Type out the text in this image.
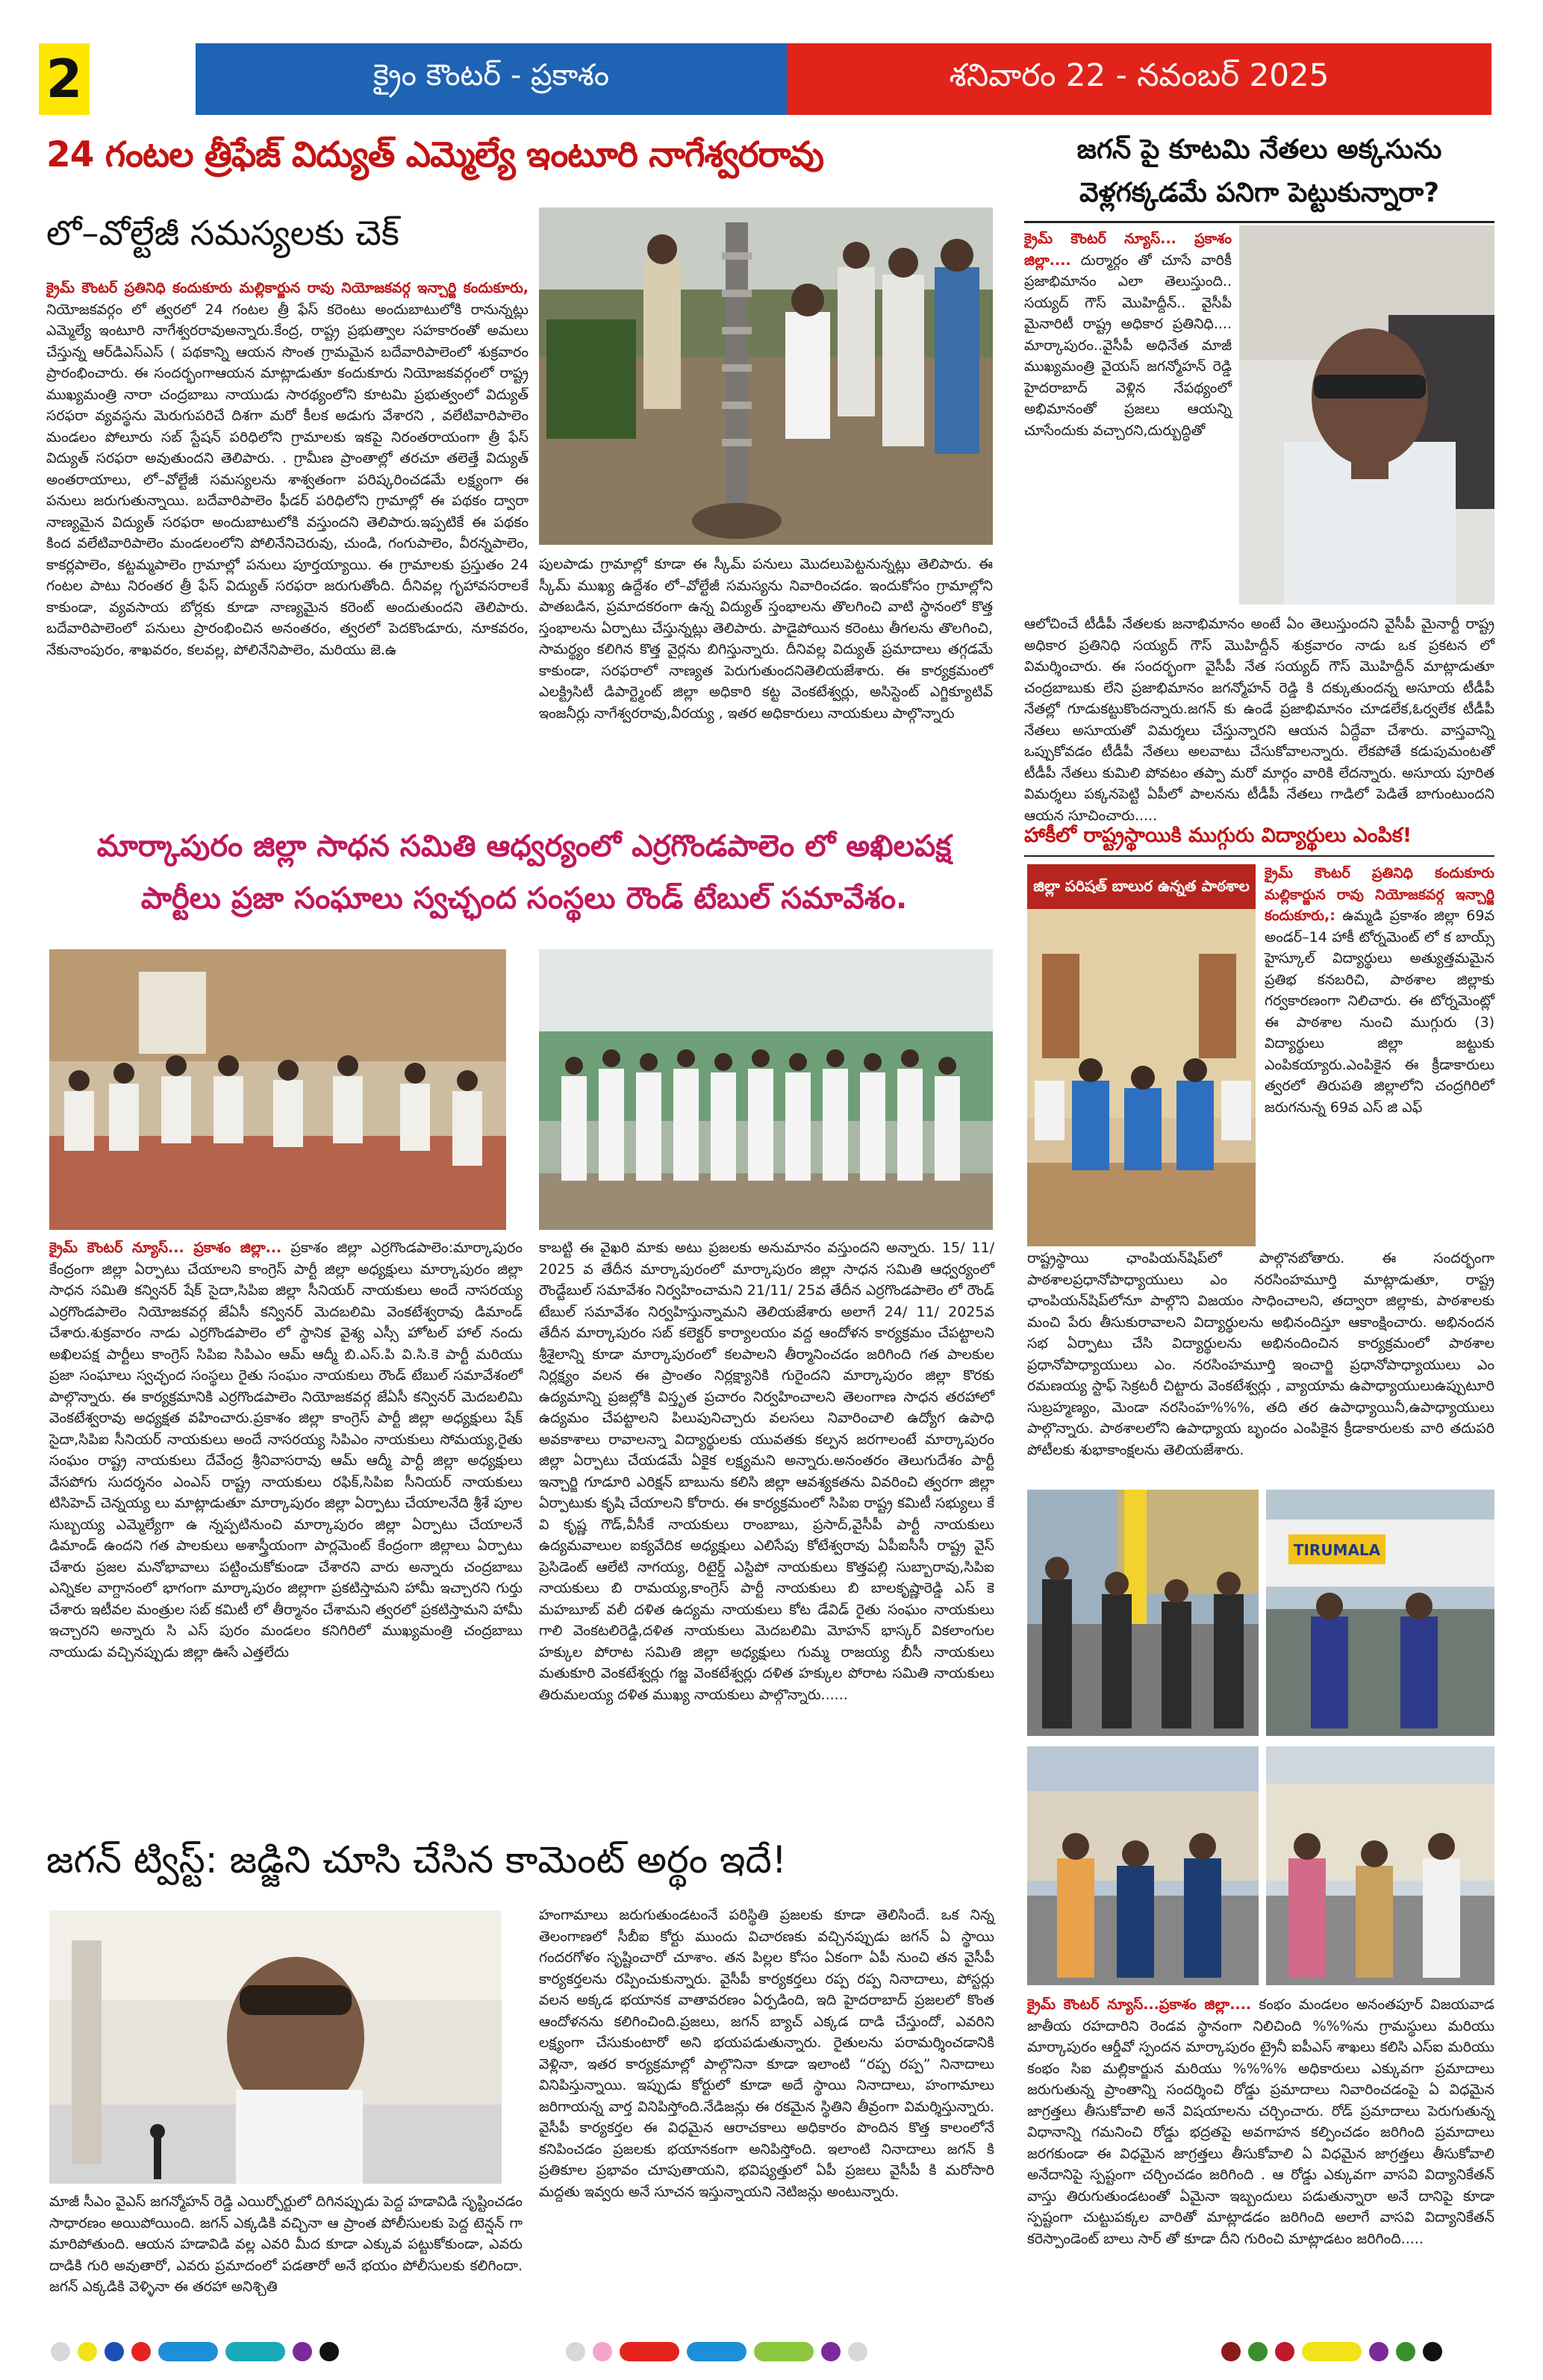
2	క్రైం కౌంటర్ - ప్రకాశం	శనివారం 22 - నవంబర్ 2025
24 గంటల త్రీఫేజ్ విద్యుత్ ఎమ్మెల్యే ఇంటూరి నాగేశ్వరరావు
లో–వోల్టేజీ సమస్యలకు చెక్
క్రైమ్ కౌంటర్ ప్రతినిధి కందుకూరు మల్లికార్జున రావు నియోజకవర్గ ఇన్చార్జి కందుకూరు, నియోజకవర్గం లో త్వరలో 24 గంటల త్రీ ఫేస్ కరెంటు అందుబాటులోకి రానున్నట్లు ఎమ్మెల్యే ఇంటూరి నాగేశ్వరరావుఅన్నారు.కేంద్ర, రాష్ట్ర ప్రభుత్వాల సహకారంతో అమలు చేస్తున్న ఆర్‌డిఎస్‌ఎస్ ( పథకాన్ని ఆయన సొంత గ్రామమైన బదేవారిపాలెంలో శుక్రవారం ప్రారంభించారు. ఈ సందర్భంగాఆయన మాట్లాడుతూ కందుకూరు నియోజకవర్గంలో రాష్ట్ర ముఖ్యమంత్రి నారా చంద్రబాబు నాయుడు సారథ్యంలోని కూటమి ప్రభుత్వంలో విద్యుత్ సరఫరా వ్యవస్థను మెరుగుపరిచే దిశగా మరో కీలక అడుగు వేశారని , వలేటివారిపాలెం మండలం పోలూరు సబ్ స్టేషన్ పరిధిలోని గ్రామాలకు ఇకపై నిరంతరాయంగా త్రీ ఫేస్ విద్యుత్ సరఫరా అవుతుందని తెలిపారు. . గ్రామీణ ప్రాంతాల్లో తరచూ తలెత్తే విద్యుత్ అంతరాయాలు, లో–వోల్టేజీ సమస్యలను శాశ్వతంగా పరిష్కరించడమే లక్ష్యంగా ఈ పనులు జరుగుతున్నాయి. బదేవారిపాలెం ఫీడర్ పరిధిలోని గ్రామాల్లో ఈ పథకం ద్వారా నాణ్యమైన విద్యుత్ సరఫరా అందుబాటులోకి వస్తుందని తెలిపారు.ఇప్పటికే ఈ పథకం కింద వలేటివారిపాలెం మండలంలోని పోలినేనిచెరువు, చుండి, గంగుపాలెం, వీరన్నపాలెం, కాకర్లపాలెం, కట్టమ్మపాలెం గ్రామాల్లో పనులు పూర్తయ్యాయి. ఈ గ్రామాలకు ప్రస్తుతం 24 గంటల పాటు నిరంతర త్రీ ఫేస్ విద్యుత్ సరఫరా జరుగుతోంది. దీనివల్ల గృహావసరాలకే కాకుండా, వ్యవసాయ బోర్లకు కూడా నాణ్యమైన కరెంట్ అందుతుందని తెలిపారు. బదేవారిపాలెంలో పనులు ప్రారంభించిన అనంతరం, త్వరలో పెదకొండూరు, నూకవరం, నేకునాంపురం, శాఖవరం, కలవల్ల, పోలినేనిపాలెం, మరియు జె.ఉ
పులపాడు గ్రామాల్లో కూడా ఈ స్కీమ్ పనులు మొదలుపెట్టనున్నట్లు తెలిపారు. ఈ స్కీమ్ ముఖ్య ఉద్దేశం లో–వోల్టేజీ సమస్యను నివారించడం. ఇందుకోసం గ్రామాల్లోని పాతబడిన, ప్రమాదకరంగా ఉన్న విద్యుత్ స్తంభాలను తొలగించి వాటి స్థానంలో కొత్త స్తంభాలను ఏర్పాటు చేస్తున్నట్లు తెలిపారు. పాడైపోయిన కరెంటు తీగలను తొలగించి, సామర్థ్యం కలిగిన కొత్త వైర్లను బిగిస్తున్నారు. దీనివల్ల విద్యుత్ ప్రమాదాలు తగ్గడమే కాకుండా, సరఫరాలో నాణ్యత పెరుగుతుందనితెలియజేశారు. ఈ కార్యక్రమంలో ఎలక్ట్రిసిటీ డిపార్ట్మెంట్ జిల్లా అధికారి కట్ట వెంకటేశ్వర్లు, అసిస్టెంట్ ఎగ్జిక్యూటివ్ ఇంజనీర్లు నాగేశ్వరరావు,వీరయ్య , ఇతర అధికారులు నాయకులు పాల్గొన్నారు
జగన్ పై కూటమి నేతలు అక్కసును వెళ్లగక్కడమే పనిగా పెట్టుకున్నారా?
క్రైమ్ కౌంటర్ న్యూస్... ప్రకాశం జిల్లా.... దుర్మార్గం తో చూసే వారికీ ప్రజాభిమానం ఎలా తెలుస్తుంది.. సయ్యద్ గౌస్ మొహిద్దీన్.. వైసీపీ మైనారిటీ రాష్ట్ర అధికార ప్రతినిధి.... మార్కాపురం..వైసీపీ అధినేత మాజీ ముఖ్యమంత్రి వైయస్ జగన్మోహన్ రెడ్డి హైదరాబాద్ వెళ్లిన నేపథ్యంలో అభిమానంతో ప్రజలు ఆయన్ని చూసేందుకు వచ్చారని,దుర్బుద్ధితో
ఆలోచించే టీడీపీ నేతలకు జనాభిమానం అంటే ఏం తెలుస్తుందని వైసీపీ మైనార్టీ రాష్ట్ర అధికార ప్రతినిధి సయ్యద్ గౌస్ మొహిద్దీన్ శుక్రవారం నాడు ఒక ప్రకటన లో విమర్శించారు. ఈ సందర్భంగా వైసీపీ నేత సయ్యద్ గౌస్ మొహిద్దీన్ మాట్లాడుతూ చంద్రబాబుకు లేని ప్రజాభిమానం జగన్మోహన్ రెడ్డి కి దక్కుతుందన్న అసూయ టీడీపీ నేతల్లో గూడుకట్టుకొందన్నారు.జగన్ కు ఉండే ప్రజాభిమానం చూడలేక,ఓర్వలేక టీడీపీ నేతలు అసూయతో విమర్శలు చేస్తున్నారని ఆయన ఏద్దేవా చేశారు. వాస్తవాన్ని ఒప్పుకోవడం టీడీపీ నేతలు అలవాటు చేసుకోవాలన్నారు. లేకపోతే కడుపుమంటతో టీడీపీ నేతలు కుమిలి పోవటం తప్పా మరో మార్గం వారికి లేదన్నారు. అసూయ పూరిత విమర్శలు పక్కనపెట్టి ఏపీలో పాలనను టీడీపీ నేతలు గాడిలో పెడితే బాగుంటుందని ఆయన సూచించారు.....
మార్కాపురం జిల్లా సాధన సమితి ఆధ్వర్యంలో ఎర్రగొండపాలెం లో అఖిలపక్ష
పార్టీలు ప్రజా సంఘాలు స్వచ్ఛంద సంస్థలు రౌండ్ టేబుల్ సమావేశం.
క్రైమ్ కౌంటర్ న్యూస్... ప్రకాశం జిల్లా... ప్రకాశం జిల్లా ఎర్రగొండపాలెం:మార్కాపురం కేంద్రంగా జిల్లా ఏర్పాటు చేయాలని కాంగ్రెస్ పార్టీ జిల్లా అధ్యక్షులు మార్కాపురం జిల్లా సాధన సమితి కన్వినర్ షేక్ సైదా,సిపిఐ జిల్లా సీనియర్ నాయకులు అందే నాసరయ్య ఎర్రగొండపాలెం నియోజకవర్గ జేఏసీ కన్వినర్ మెదబలిమి వెంకటేశ్వరావు డిమాండ్ చేశారు.శుక్రవారం నాడు ఎర్రగొండపాలెం లో స్థానిక వైశ్య ఎస్సీ హోటల్ హాల్ నందు అఖిలపక్ష పార్టీలు కాంగ్రెస్ సిపిఐ సిపిఎం ఆమ్ ఆద్మీ బి.ఎస్.పి వి.సి.కె పార్టీ మరియు ప్రజా సంఘాలు స్వచ్ఛంద సంస్థలు రైతు సంఘం నాయకులు రౌండ్ టేబుల్ సమావేశంలో పాల్గొన్నారు. ఈ కార్యక్రమానికి ఎర్రగొండపాలెం నియోజకవర్గ జేఏసీ కన్వినర్ మెదబలిమి వెంకటేశ్వరావు అధ్యక్షత వహించారు.ప్రకాశం జిల్లా కాంగ్రెస్ పార్టీ జిల్లా అధ్యక్షులు షేక్ సైదా,సిపిఐ సీనియర్ నాయకులు అందే నాసరయ్య సిపిఎం నాయకులు సోమయ్య,రైతు సంఘం రాష్ట్ర నాయకులు దేవేంద్ర శ్రీనివాసరావు ఆమ్ ఆద్మీ పార్టీ జిల్లా అధ్యక్షులు వేసపోగు సుదర్శనం ఎంఎస్ రాష్ట్ర నాయకులు రఫిక్,సిపిఐ సీనియర్ నాయకులు టిసిహెచ్ చెన్నయ్య లు మాట్లాడుతూ మార్కాపురం జిల్లా ఏర్పాటు చేయాలనేది శ్రీశే పూల సుబ్బయ్య ఎమ్మెల్యేగా ఉ న్నప్పటినుంచి మార్కాపురం జిల్లా ఏర్పాటు చేయాలనే డిమాండ్ ఉందని గత పాలకులు అశాస్త్రీయంగా పార్లమెంట్ కేంద్రంగా జిల్లాలు ఏర్పాటు చేశారు ప్రజల మనోభావాలు పట్టించుకోకుండా చేశారని వారు అన్నారు చంద్రబాబు ఎన్నికల వాగ్దానంలో భాగంగా మార్కాపురం జిల్లాగా ప్రకటిస్తామని హామీ ఇచ్చారని గుర్తు చేశారు ఇటీవల మంత్రుల సబ్ కమిటీ లో తీర్మానం చేశామని త్వరలో ప్రకటిస్తామని హామీ ఇచ్చారని అన్నారు సి ఎస్ పురం మండలం కనిగిరిలో ముఖ్యమంత్రి చంద్రబాబు నాయుడు వచ్చినప్పుడు జిల్లా ఊసే ఎత్తలేదు
కాబట్టి ఈ వైఖరి మాకు అటు ప్రజలకు అనుమానం వస్తుందని అన్నారు. 15/ 11/ 2025 వ తేదీన మార్కాపురంలో మార్కాపురం జిల్లా సాధన సమితి ఆధ్వర్యంలో రౌండ్టేబుల్ సమావేశం నిర్వహించామని 21/11/ 25వ తేదీన ఎర్రగొండపాలెం లో రౌండ్ టేబుల్ సమావేశం నిర్వహిస్తున్నామని తెలియజేశారు అలాగే 24/ 11/ 2025వ తేదీన మార్కాపురం సబ్ కలెక్టర్ కార్యాలయం వద్ద ఆందోళన కార్యక్రమం చేపట్టాలని శ్రీశైలాన్ని కూడా మార్కాపురంలో కలపాలని తీర్మానించడం జరిగింది గత పాలకుల నిర్లక్ష్యం వలన ఈ ప్రాంతం నిర్లక్ష్యానికి గురైందని మార్కాపురం జిల్లా కొరకు ఉద్యమాన్ని ప్రజల్లోకి విస్తృత ప్రచారం నిర్వహించాలని తెలంగాణ సాధన తరహాలో ఉద్యమం చేపట్టాలని పిలుపునిచ్చారు వలసలు నివారించాలి ఉద్యోగ ఉపాధి అవకాశాలు రావాలన్నా విద్యార్థులకు యువతకు కల్పన జరగాలంటే మార్కాపురం జిల్లా ఏర్పాటు చేయడమే ఏకైక లక్ష్యమని అన్నారు.అనంతరం తెలుగుదేశం పార్టీ ఇన్చార్జి గూడూరి ఎరిక్షన్ బాబును కలిసి జిల్లా ఆవశ్యకతను వివరించి త్వరగా జిల్లా ఏర్పాటుకు కృషి చేయాలని కోరారు. ఈ కార్యక్రమంలో సిపిఐ రాష్ట్ర కమిటీ సభ్యులు కే వి కృష్ణ గౌడ్,వీసీకే నాయకులు రాంబాబు, ప్రసాద్,వైసీపీ పార్టీ నాయకులు ఉద్యమవాలుల ఐక్యవేదిక అధ్యక్షులు ఎలిసేపు కోటేశ్వరావు ఏపీఐసీసీ రాష్ట్ర వైస్ ప్రెసిడెంట్ ఆలేటి నాగయ్య, రిటైర్డ్ ఎస్టిపో నాయకులు కొత్తపల్లి సుబ్బారావు,సిపిఐ నాయకులు బి రామయ్య,కాంగ్రెస్ పార్టీ నాయకులు బి బాలకృష్ణారెడ్డి ఎస్ కె మహబూబ్ వలీ దళిత ఉద్యమ నాయకులు కోట డేవిడ్ రైతు సంఘం నాయకులు గాలి వెంకటలిరెడ్డి,దళిత నాయకులు మెదబలిమి మోహన్ భాస్కర్ వికలాంగుల హక్కుల పోరాట సమితి జిల్లా అధ్యక్షులు గుమ్మ రాజయ్య బీసీ నాయకులు మతుకూరి వెంకటేశ్వర్లు గజ్జ వెంకటేశ్వర్లు దళిత హక్కుల పోరాట సమితి నాయకులు తిరుమలయ్య దళిత ముఖ్య నాయకులు పాల్గొన్నారు......
హాకీలో రాష్ట్రస్థాయికి ముగ్గురు విద్యార్థులు ఎంపిక!
జిల్లా పరిషత్ బాలుర ఉన్నత పాఠశాల
క్రైమ్ కౌంటర్ ప్రతినిధి కందుకూరు మల్లికార్జున రావు నియోజకవర్గ ఇన్చార్జి కందుకూరు,: ఉమ్మడి ప్రకాశం జిల్లా 69వ అండర్–14 హాకీ టోర్నమెంట్ లో క బాయ్స్ హైస్కూల్ విద్యార్థులు అత్యుత్తమమైన ప్రతిభ కనబరిచి, పాఠశాల జిల్లాకు గర్వకారణంగా నిలిచారు. ఈ టోర్నమెంట్లో ఈ పాఠశాల నుంచి ముగ్గురు (3) విద్యార్థులు జిల్లా జట్టుకు ఎంపికయ్యారు.ఎంపికైన ఈ క్రీడాకారులు త్వరలో తిరుపతి జిల్లాలోని చంద్రగిరిలో జరుగనున్న 69వ ఎస్ జి ఎఫ్
రాష్ట్రస్థాయి ఛాంపియన్‌షిప్‌లో పాల్గొనబోతారు. ఈ సందర్భంగా పాఠశాలప్రధానోపాధ్యాయులు ఎం నరసింహమూర్తి మాట్లాడుతూ, రాష్ట్ర ఛాంపియన్‌షిప్‌లోనూ పాల్గొని విజయం సాధించాలని, తద్వారా జిల్లాకు, పాఠశాలకు మంచి పేరు తీసుకురావాలని విద్యార్థులను అభినందిస్తూ ఆకాంక్షించారు. అభినందన సభ ఏర్పాటు చేసి విద్యార్థులను అభినందించిన కార్యక్రమంలో పాఠశాల ప్రధానోపాధ్యాయులు ఎం. నరసింహమూర్తి ఇంచార్జి ప్రధానోపాధ్యాయులు ఎం రమణయ్య స్టాఫ్ సెక్రటరీ చిట్టారు వెంకటేశ్వర్లు , వ్యాయామ ఉపాధ్యాయులుఉప్పుటూరి సుబ్రహ్మణ్యం, మెండా నరసింహ%%%, తది తర ఉపాధ్యాయినీ,ఉపాధ్యాయులు పాల్గొన్నారు. పాఠశాలలోని ఉపాధ్యాయ బృందం ఎంపికైన క్రీడాకారులకు వారి తదుపరి పోటీలకు శుభాకాంక్షలను తెలియజేశారు.
TIRUMALA
క్రైమ్ కౌంటర్ న్యూస్...ప్రకాశం జిల్లా.... కంభం మండలం అనంతపూర్ విజయవాడ జాతీయ రహదారిని రెండవ స్థానంగా నిలిచింది %%%ను గ్రామస్థులు మరియు మార్కాపురం ఆర్డీవో స్పందన మార్కాపురం ట్రైనీ ఐపీఎస్ శాఖలు కలిసి ఎస్ఐ మరియు కంభం సిఐ మల్లికార్జున మరియు %%%% అధికారులు ఎక్కువగా ప్రమాదాలు జరుగుతున్న ప్రాంతాన్ని సందర్శించి రోడ్డు ప్రమాదాలు నివారించడంపై ఏ విధమైన జాగ్రత్తలు తీసుకోవాలి అనే విషయాలను చర్చించారు. రోడ్ ప్రమాదాలు పెరుగుతున్న విధానాన్ని గమనించి రోడ్డు భద్రతపై అవగాహన కల్పించడం జరిగింది ప్రమాదాలు జరగకుండా ఈ విధమైన జాగ్రత్తలు తీసుకోవాలి ఏ విధమైన జాగ్రత్తలు తీసుకోవాలి అనేదానిపై స్పష్టంగా చర్చించడం జరిగింది . ఆ రోడ్డు ఎక్కువగా వాసవి విద్యానికేతన్ వాస్తు తిరుగుతుండటంతో ఏమైనా ఇబ్బందులు పడుతున్నారా అనే దానిపై కూడా స్పష్టంగా చుట్టుపక్కల వారితో మాట్లాడడం జరిగింది అలాగే వాసవి విద్యానికేతన్ కరెస్పాండెంట్ బాలు సార్ తో కూడా దీని గురించి మాట్లాడటం జరిగింది.....
జగన్ ట్విస్ట్: జడ్జిని చూసి చేసిన కామెంట్ అర్థం ఇదే!
మాజీ సీఎం వైఎస్ జగన్మోహన్ రెడ్డి ఎయిర్పోర్టులో దిగినప్పుడు పెద్ద హడావిడి సృష్టించడం సాధారణం అయిపోయింది. జగన్ ఎక్కడికి వచ్చినా ఆ ప్రాంత పోలీసులకు పెద్ద టెన్షన్ గా మారిపోతుంది. ఆయన హడావిడి వల్ల ఎవరి మీద కూడా ఎక్కువ పట్టుకోకుండా, ఎవరు దాడికి గురి అవుతారో, ఎవరు ప్రమాదంలో పడతారో అనే భయం పోలీసులకు కలిగిందా. జగన్ ఎక్కడికి వెళ్ళినా ఈ తరహా అనిశ్చితి
హంగామాలు జరుగుతుండటంనే పరిస్థితి ప్రజలకు కూడా తెలిసిందే. ఒక నిన్న తెలంగాణలో సీబీఐ కోర్టు ముందు విచారణకు వచ్చినప్పుడు జగన్ ఏ స్థాయి గందరగోళం సృష్టించారో చూశాం. తన పిల్లల కోసం ఏకంగా ఏపీ నుంచి తన వైసీపీ కార్యకర్తలను రప్పించుకున్నారు. వైసీపీ కార్యకర్తలు రప్ప రప్ప నినాదాలు, పోస్టర్లు వలన అక్కడ భయానక వాతావరణం ఏర్పడింది, ఇది హైదరాబాద్ ప్రజలలో కొంత ఆందోళనను కలిగించింది.ప్రజలు, జగన్ బ్యాచ్ ఎక్కడ దాడి చేస్తుందో, ఎవరిని లక్ష్యంగా చేసుకుంటారో అని భయపడుతున్నారు. రైతులను పరామర్శించడానికి వెళ్లినా, ఇతర కార్యక్రమాల్లో పాల్గొనినా కూడా ఇలాంటి “రప్ప రప్ప” నినాదాలు వినిపిస్తున్నాయి. ఇప్పుడు కోర్టులో కూడా అదే స్థాయి నినాదాలు, హంగామాలు జరిగాయన్న వార్త వినిపిస్తోంది.నేడిజన్లు ఈ రకమైన స్థితిని తీవ్రంగా విమర్శిస్తున్నారు. వైసీపీ కార్యకర్తల ఈ విధమైన ఆరాచకాలు అధికారం పొందిన కొత్త కాలంలోనే కనిపించడం ప్రజలకు భయానకంగా అనిపిస్తోంది. ఇలాంటి నినాదాలు జగన్ కి ప్రతికూల ప్రభావం చూపుతాయని, భవిష్యత్తులో ఏపీ ప్రజలు వైసీపీ కి మరోసారి మద్దతు ఇవ్వరు అనే సూచన ఇస్తున్నాయని నెటిజన్లు అంటున్నారు.
